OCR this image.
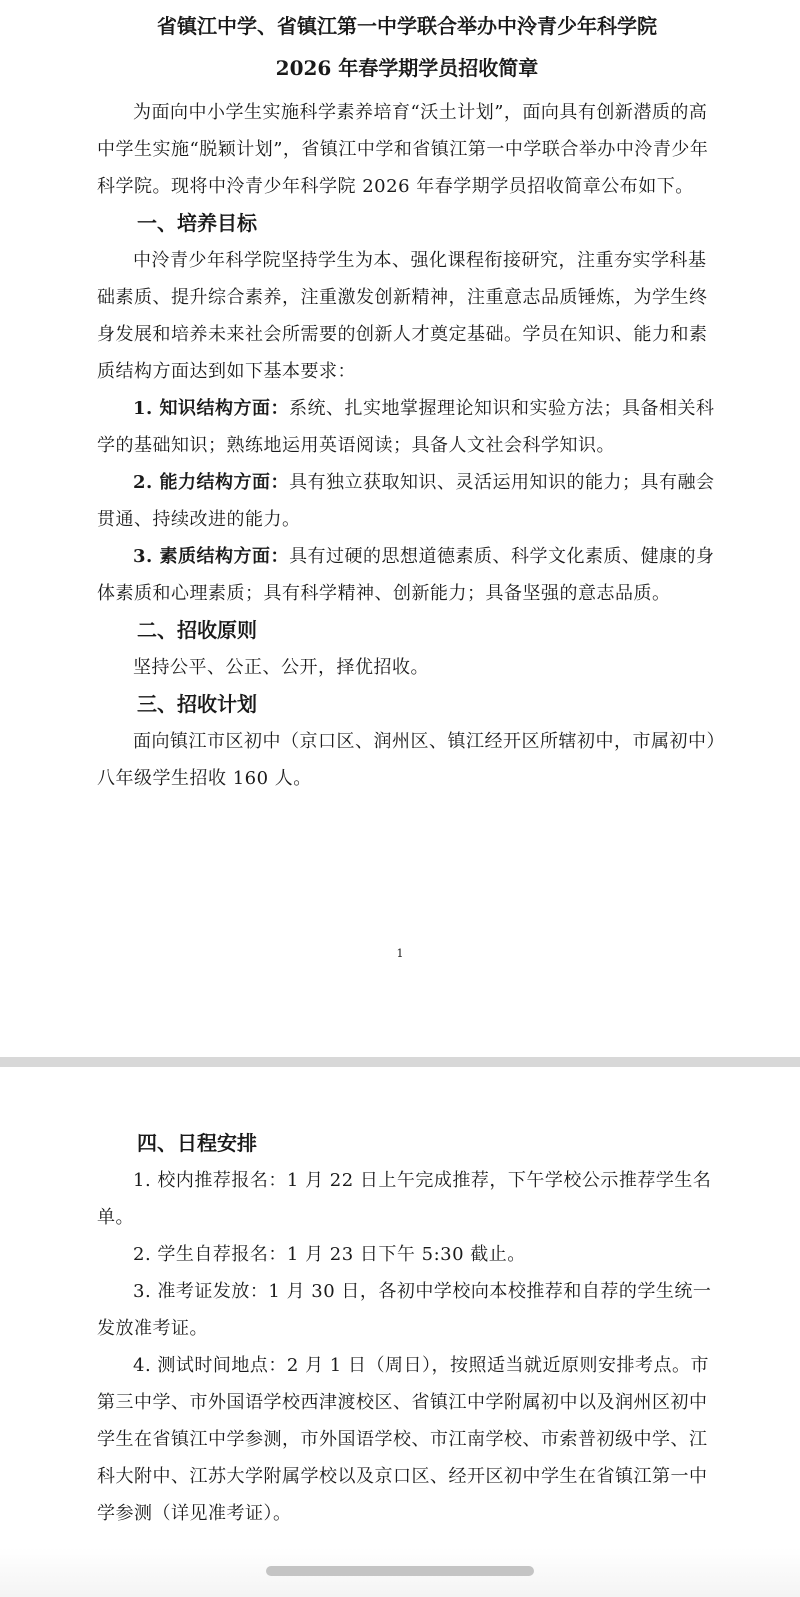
省镇江中学、省镇江第一中学联合举办中泠青少年科学院

2026 年春学期学员招收简章

为面向中小学生实施科学素养培育“沃土计划”，面向具有创新潜质的高中学生实施“脱颖计划”，省镇江中学和省镇江第一中学联合举办中泠青少年科学院。现将中泠青少年科学院 2026 年春学期学员招收简章公布如下。

一、培养目标

中泠青少年科学院坚持学生为本、强化课程衔接研究，注重夯实学科基础素质、提升综合素养，注重激发创新精神，注重意志品质锤炼，为学生终身发展和培养未来社会所需要的创新人才奠定基础。学员在知识、能力和素质结构方面达到如下基本要求：

1. 知识结构方面：系统、扎实地掌握理论知识和实验方法；具备相关科学的基础知识；熟练地运用英语阅读；具备人文社会科学知识。

2. 能力结构方面：具有独立获取知识、灵活运用知识的能力；具有融会贯通、持续改进的能力。

3. 素质结构方面：具有过硬的思想道德素质、科学文化素质、健康的身体素质和心理素质；具有科学精神、创新能力；具备坚强的意志品质。

二、招收原则

坚持公平、公正、公开，择优招收。

三、招收计划

面向镇江市区初中（京口区、润州区、镇江经开区所辖初中，市属初中）八年级学生招收 160 人。

1

四、日程安排

1. 校内推荐报名：1 月 22 日上午完成推荐，下午学校公示推荐学生名单。

2. 学生自荐报名：1 月 23 日下午 5:30 截止。

3. 准考证发放：1 月 30 日，各初中学校向本校推荐和自荐的学生统一发放准考证。

4. 测试时间地点：2 月 1 日（周日），按照适当就近原则安排考点。市第三中学、市外国语学校西津渡校区、省镇江中学附属初中以及润州区初中学生在省镇江中学参测，市外国语学校、市江南学校、市索普初级中学、江科大附中、江苏大学附属学校以及京口区、经开区初中学生在省镇江第一中学参测（详见准考证）。
